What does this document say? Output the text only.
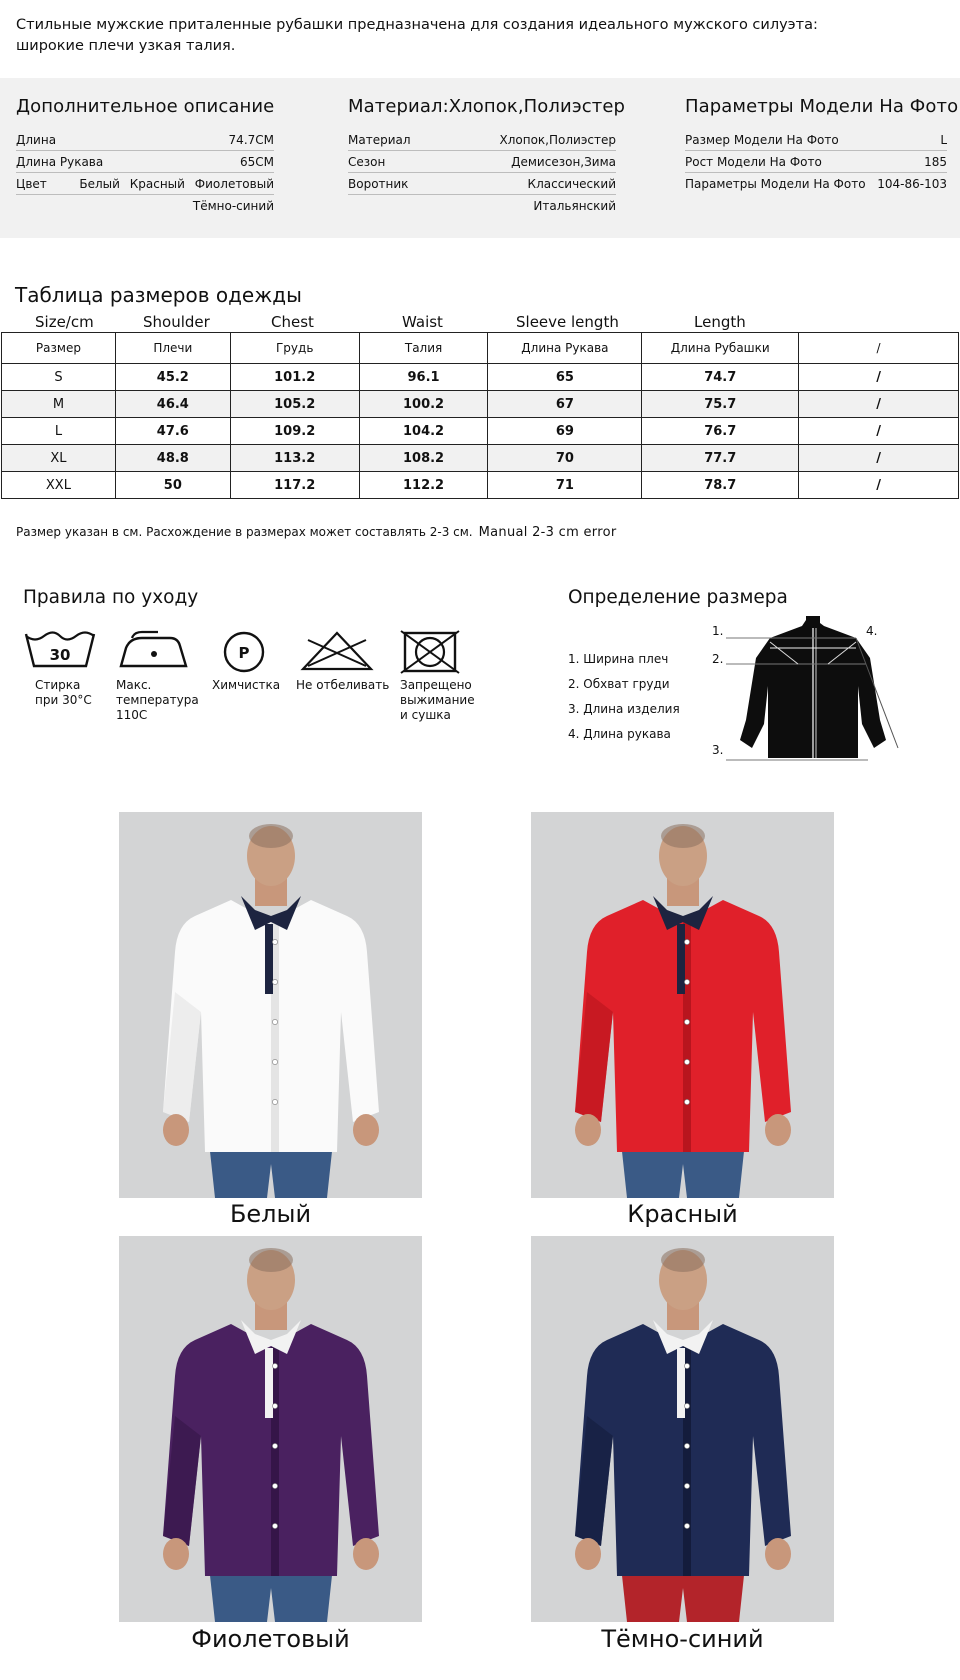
Стильные мужские приталенные рубашки предназначена для создания идеального мужского силуэта: широкие плечи узкая талия.
Дополнительное описание
Длина	74.7CM
Длина Рукава	65CM
Цвет	Белый Красный Фиолетовый
Тёмно-синий
Материал:Хлопок,Полиэстер
Материал	Хлопок,Полиэстер
Сезон	Демисезон,Зима
Воротник	Классический
Итальянский
Параметры Модели На Фото
Размер Модели На Фото	L
Рост Модели На Фото	185
Параметры Модели На Фото 104-86-103
Таблица размеров одежды
Size/cm	Shoulder	Chest	Waist	Sleeve length	Length
Размер	Плечи	Грудь	Талия	Длина Рукава	Длина Рубашки	/
S	45.2	101.2	96.1	65	74.7	/
M	46.4	105.2	100.2	67	75.7	/
L	47.6	109.2	104.2	69	76.7	/
XL	48.8	113.2	108.2	70	77.7	/
XXL	50	117.2	112.2	71	78.7	/
Размер указан в см. Расхождение в размерах может составлять 2-3 см. Manual 2-3 cm error
Правила по уходу
30
Стирка
при 30°C
Макс.
температура
110C
P
Химчистка Не отбеливать Запрещено
выжимание
и сушка
Определение размера
1. Ширина плеч
2. Обхват груди
3. Длина изделия
4. Длина рукава
1.
2.
3.
4.
Белый	Красный
Фиолетовый	Тёмно-синий
